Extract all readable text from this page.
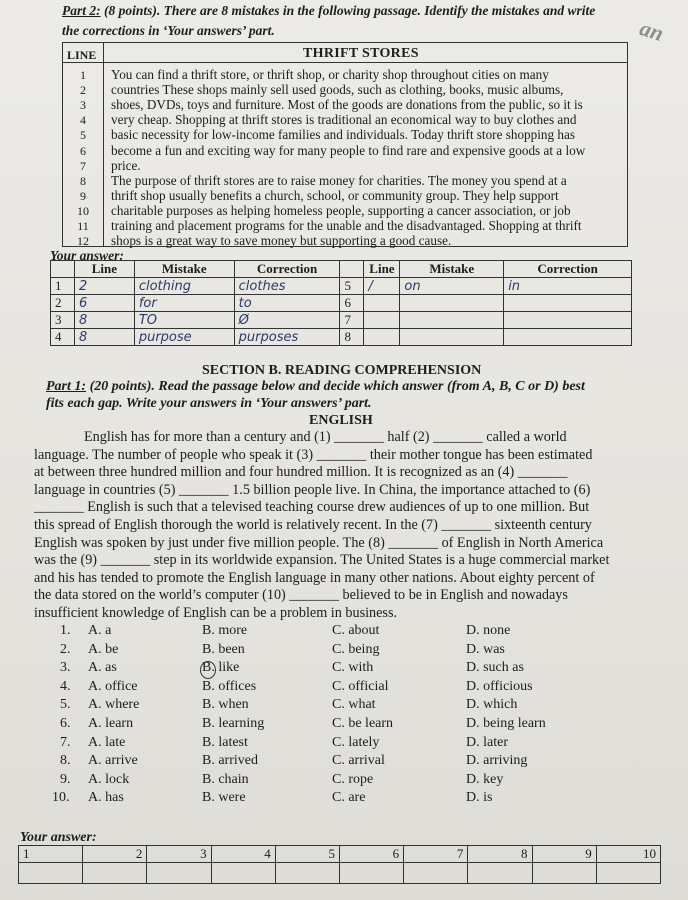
Part 2: (8 points). There are 8 mistakes in the following passage. Identify the mistakes and write
the corrections in ‘Your answers’ part.	an
LINE	THRIFT STORES
1	You can find a thrift store, or thrift shop, or charity shop throughout cities on many
2	countries These shops mainly sell used goods, such as clothing, books, music albums,
3	shoes, DVDs, toys and furniture. Most of the goods are donations from the public, so it is
4	very cheap. Shopping at thrift stores is traditional an economical way to buy clothes and
5	basic necessity for low-income families and individuals. Today thrift store shopping has
6	become a fun and exciting way for many people to find rare and expensive goods at a low
7	price.
8	The purpose of thrift stores are to raise money for charities. The money you spend at a
9	thrift shop usually benefits a church, school, or community group. They help support
10	charitable purposes as helping homeless people, supporting a cancer association, or job
11	training and placement programs for the unable and the disadvantaged. Shopping at thrift
12	shops is a great way to save money but supporting a good cause.
Your answer:
	Line	Mistake	Correction		Line	Mistake	Correction
1	2	clothing	clothes	5	/	on	in
2	6	for	to	6			
3	8	TO	Ø	7			
4	8	purpose	purposes	8			
SECTION B. READING COMPREHENSION
Part 1: (20 points). Read the passage below and decide which answer (from A, B, C or D) best
fits each gap. Write your answers in ‘Your answers’ part.
ENGLISH
English has for more than a century and (1) _______ half (2) _______ called a world
language. The number of people who speak it (3) _______ their mother tongue has been estimated
at between three hundred million and four hundred million. It is recognized as an (4) _______
language in countries (5) _______ 1.5 billion people live. In China, the importance attached to (6)
_______ English is such that a televised teaching course drew audiences of up to one million. But
this spread of English thorough the world is relatively recent. In the (7) _______ sixteenth century
English was spoken by just under five million people. The (8) _______ of English in North America
was the (9) _______ step in its worldwide expansion. The United States is a huge commercial market
and his has tended to promote the English language in many other nations. About eighty percent of
the data stored on the world’s computer (10) _______ believed to be in English and nowadays
insufficient knowledge of English can be a problem in business.
1. A. a	B. more	C. about	D. none
2. A. be	B. been	C. being	D. was
3. A. as	B. like	C. with	D. such as
4. A. office	B. offices	C. official	D. officious
5. A. where	B. when	C. what	D. which
6. A. learn	B. learning	C. be learn	D. being learn
7. A. late	B. latest	C. lately	D. later
8. A. arrive	B. arrived	C. arrival	D. arriving
9. A. lock	B. chain	C. rope	D. key
10. A. has	B. were	C. are	D. is
Your answer:
1	2	3	4	5	6	7	8	9	10
